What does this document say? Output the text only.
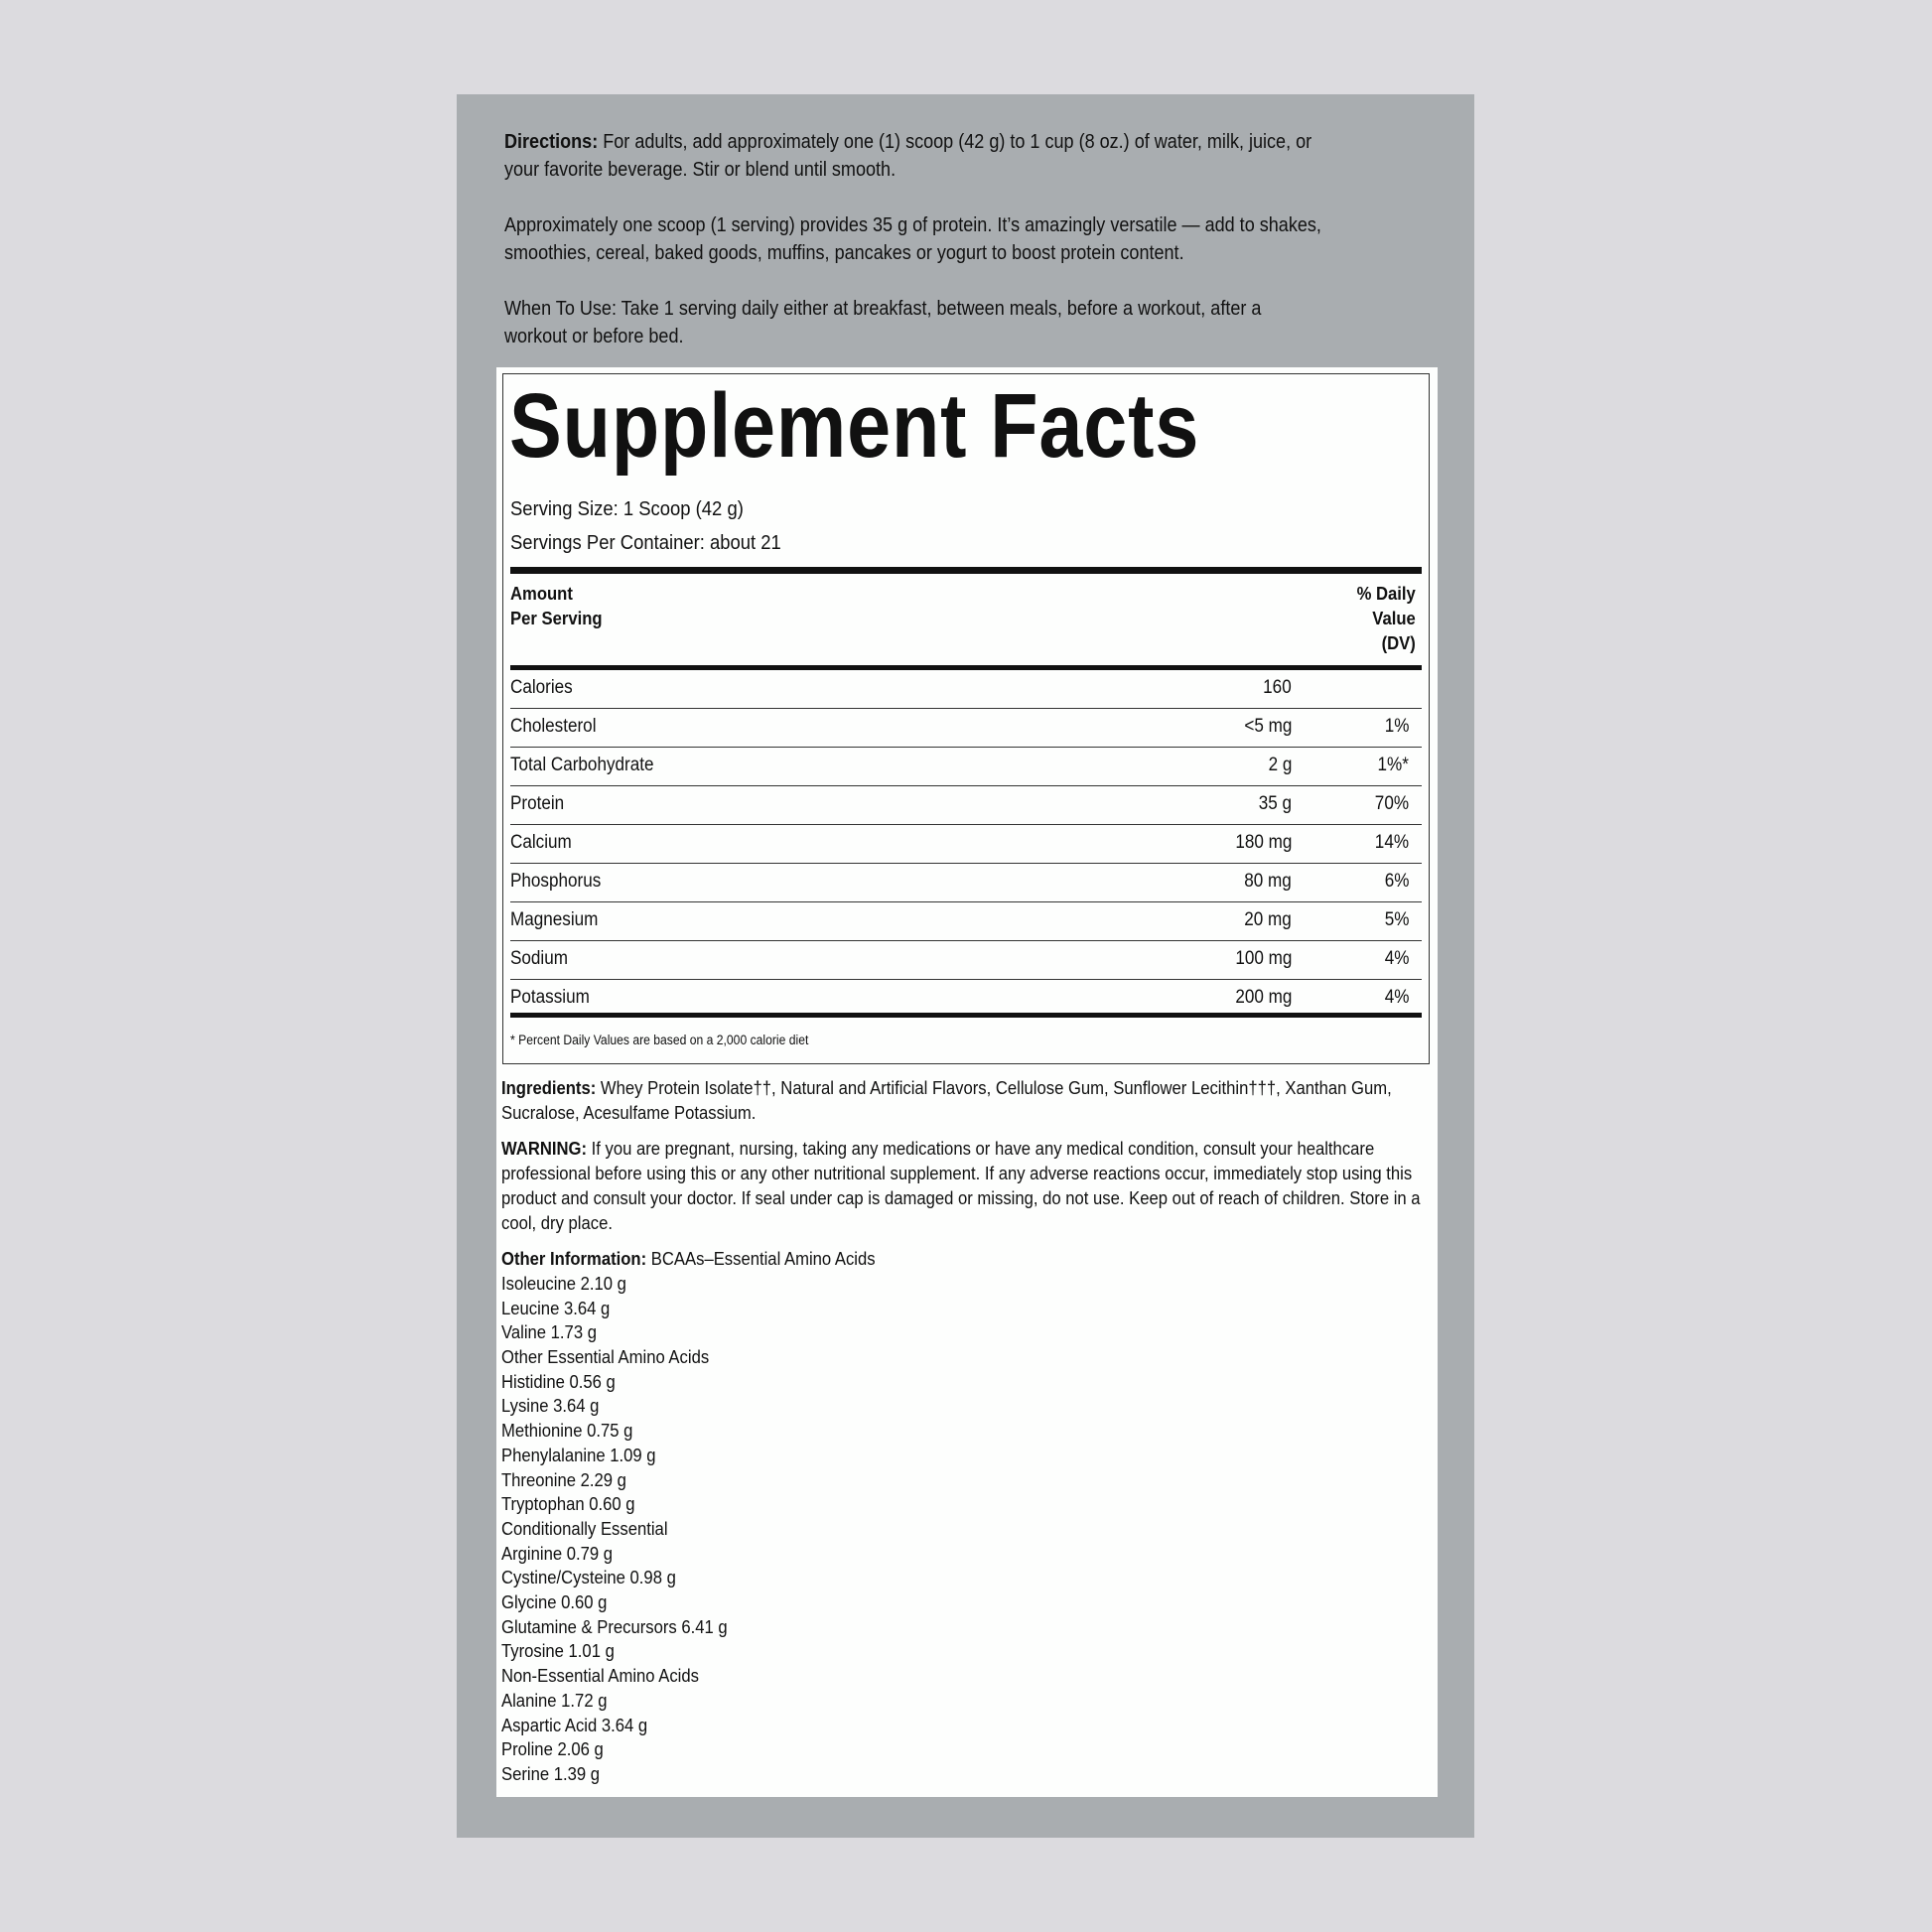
Directions: For adults, add approximately one (1) scoop (42 g) to 1 cup (8 oz.) of water, milk, juice, or your favorite beverage. Stir or blend until smooth.

Approximately one scoop (1 serving) provides 35 g of protein. It’s amazingly versatile — add to shakes, smoothies, cereal, baked goods, muffins, pancakes or yogurt to boost protein content.

When To Use: Take 1 serving daily either at breakfast, between meals, before a workout, after a workout or before bed.

Supplement Facts
Serving Size: 1 Scoop (42 g)
Servings Per Container: about 21
Amount
Per Serving
% Daily
Value
(DV)
Calories	160
Cholesterol	<5 mg	1%
Total Carbohydrate	2 g	1%*
Protein	35 g	70%
Calcium	180 mg	14%
Phosphorus	80 mg	6%
Magnesium	20 mg	5%
Sodium	100 mg	4%
Potassium	200 mg	4%
* Percent Daily Values are based on a 2,000 calorie diet

Ingredients: Whey Protein Isolate††, Natural and Artificial Flavors, Cellulose Gum, Sunflower Lecithin†††, Xanthan Gum, Sucralose, Acesulfame Potassium.

WARNING: If you are pregnant, nursing, taking any medications or have any medical condition, consult your healthcare professional before using this or any other nutritional supplement. If any adverse reactions occur, immediately stop using this product and consult your doctor. If seal under cap is damaged or missing, do not use. Keep out of reach of children. Store in a cool, dry place.

Other Information: BCAAs–Essential Amino Acids
Isoleucine 2.10 g
Leucine 3.64 g
Valine 1.73 g
Other Essential Amino Acids
Histidine 0.56 g
Lysine 3.64 g
Methionine 0.75 g
Phenylalanine 1.09 g
Threonine 2.29 g
Tryptophan 0.60 g
Conditionally Essential
Arginine 0.79 g
Cystine/Cysteine 0.98 g
Glycine 0.60 g
Glutamine & Precursors 6.41 g
Tyrosine 1.01 g
Non-Essential Amino Acids
Alanine 1.72 g
Aspartic Acid 3.64 g
Proline 2.06 g
Serine 1.39 g
